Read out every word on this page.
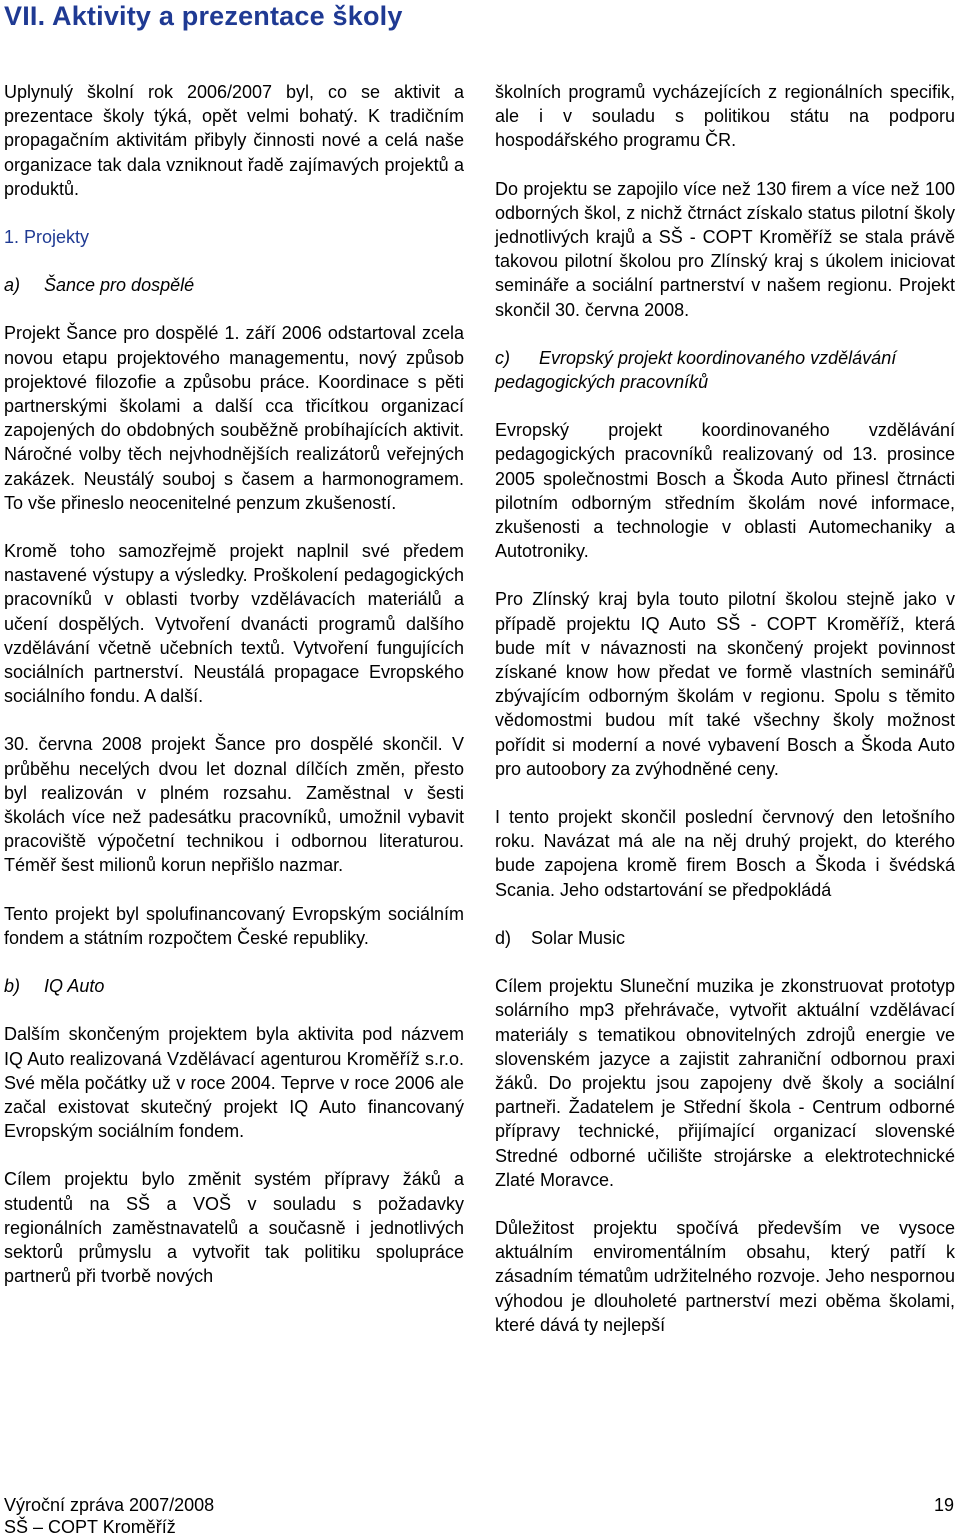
VII. Aktivity a prezentace školy

Uplynulý školní rok 2006/2007 byl, co se aktivit a prezentace školy týká, opět velmi bohatý. K tradičním propagačním aktivitám přibyly činnosti nové a celá naše organizace tak dala vzniknout řadě zajímavých projektů a produktů.

1. Projekty

a) Šance pro dospělé

Projekt Šance pro dospělé 1. září 2006 odstartoval zcela novou etapu projektového managementu, nový způsob projektové filozofie a způsobu práce. Koordinace s pěti partnerskými školami a další cca třicítkou organizací zapojených do obdobných souběžně probíhajících aktivit. Náročné volby těch nejvhodnějších realizátorů veřejných zakázek. Neustálý souboj s časem a harmonogramem. To vše přineslo neocenitelné penzum zkušeností.

Kromě toho samozřejmě projekt naplnil své předem nastavené výstupy a výsledky. Proškolení pedagogických pracovníků v oblasti tvorby vzdělávacích materiálů a učení dospělých. Vytvoření dvanácti programů dalšího vzdělávání včetně učebních textů. Vytvoření fungujících sociálních partnerství. Neustálá propagace Evropského sociálního fondu. A další.

30. června 2008 projekt Šance pro dospělé skončil. V průběhu necelých dvou let doznal dílčích změn, přesto byl realizován v plném rozsahu. Zaměstnal v šesti školách více než padesátku pracovníků, umožnil vybavit pracoviště výpočetní technikou i odbornou literaturou. Téměř šest milionů korun nepřišlo nazmar.

Tento projekt byl spolufinancovaný Evropským sociálním fondem a státním rozpočtem České republiky.

b) IQ Auto

Dalším skončeným projektem byla aktivita pod názvem IQ Auto realizovaná Vzdělávací agenturou Kroměříž s.r.o. Své měla počátky už v roce 2004. Teprve v roce 2006 ale začal existovat skutečný projekt IQ Auto financovaný Evropským sociálním fondem.

Cílem projektu bylo změnit systém přípravy žáků a studentů na SŠ a VOŠ v souladu s požadavky regionálních zaměstnavatelů a současně i jednotlivých sektorů průmyslu a vytvořit tak politiku spolupráce partnerů při tvorbě nových

školních programů vycházejících z regionálních specifik, ale i v souladu s politikou státu na podporu hospodářského programu ČR.

Do projektu se zapojilo více než 130 firem a více než 100 odborných škol, z nichž čtrnáct získalo status pilotní školy jednotlivých krajů a SŠ - COPT Kroměříž se stala právě takovou pilotní školou pro Zlínský kraj s úkolem iniciovat semináře a sociální partnerství v našem regionu. Projekt skončil 30. června 2008.

c) Evropský projekt koordinovaného vzdělávání pedagogických pracovníků

Evropský projekt koordinovaného vzdělávání pedagogických pracovníků realizovaný od 13. prosince 2005 společnostmi Bosch a Škoda Auto přinesl čtrnácti pilotním odborným středním školám nové informace, zkušenosti a technologie v oblasti Automechaniky a Autotroniky.

Pro Zlínský kraj byla touto pilotní školou stejně jako v případě projektu IQ Auto SŠ - COPT Kroměříž, která bude mít v návaznosti na skončený projekt povinnost získané know how předat ve formě vlastních seminářů zbývajícím odborným školám v regionu. Spolu s těmito vědomostmi budou mít také všechny školy možnost pořídit si moderní a nové vybavení Bosch a Škoda Auto pro autoobory za zvýhodněné ceny.

I tento projekt skončil poslední červnový den letošního roku. Navázat má ale na něj druhý projekt, do kterého bude zapojena kromě firem Bosch a Škoda i švédská Scania. Jeho odstartování se předpokládá

d) Solar Music

Cílem projektu Sluneční muzika je zkonstruovat prototyp solárního mp3 přehrávače, vytvořit aktuální vzdělávací materiály s tematikou obnovitelných zdrojů energie ve slovenském jazyce a zajistit zahraniční odbornou praxi žáků. Do projektu jsou zapojeny dvě školy a sociální partneři. Žadatelem je Střední škola - Centrum odborné přípravy technické, přijímající organizací slovenské Stredné odborné učilište strojárske a elektrotechnické Zlaté Moravce.

Důležitost projektu spočívá především ve vysoce aktuálním enviromentálním obsahu, který patří k zásadním tématům udržitelného rozvoje. Jeho nespornou výhodou je dlouholeté partnerství mezi oběma školami, které dává ty nejlepší

Výroční zpráva 2007/2008
SŠ – COPT Kroměříž
19
